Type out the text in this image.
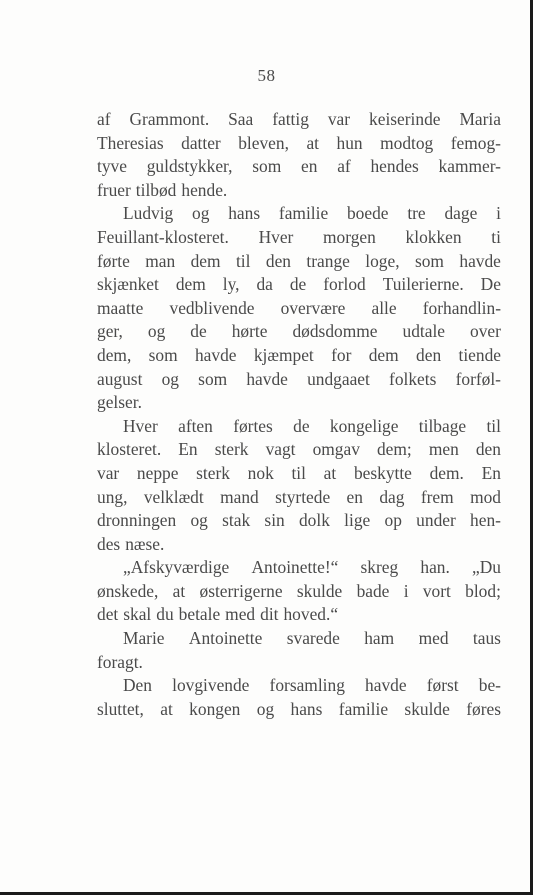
58
af Grammont. Saa fattig var keiserinde Maria
Theresias datter bleven, at hun modtog femog-
tyve guldstykker, som en af hendes kammer-
fruer tilbød hende.
Ludvig og hans familie boede tre dage i
Feuillant-klosteret. Hver morgen klokken ti
førte man dem til den trange loge, som havde
skjænket dem ly, da de forlod Tuilerierne. De
maatte vedblivende overvære alle forhandlin-
ger, og de hørte dødsdomme udtale over
dem, som havde kjæmpet for dem den tiende
august og som havde undgaaet folkets forføl-
gelser.
Hver aften førtes de kongelige tilbage til
klosteret. En sterk vagt omgav dem; men den
var neppe sterk nok til at beskytte dem. En
ung, velklædt mand styrtede en dag frem mod
dronningen og stak sin dolk lige op under hen-
des næse.
„Afskyværdige Antoinette!“ skreg han. „Du
ønskede, at østerrigerne skulde bade i vort blod;
det skal du betale med dit hoved.“
Marie Antoinette svarede ham med taus
foragt.
Den lovgivende forsamling havde først be-
sluttet, at kongen og hans familie skulde føres
